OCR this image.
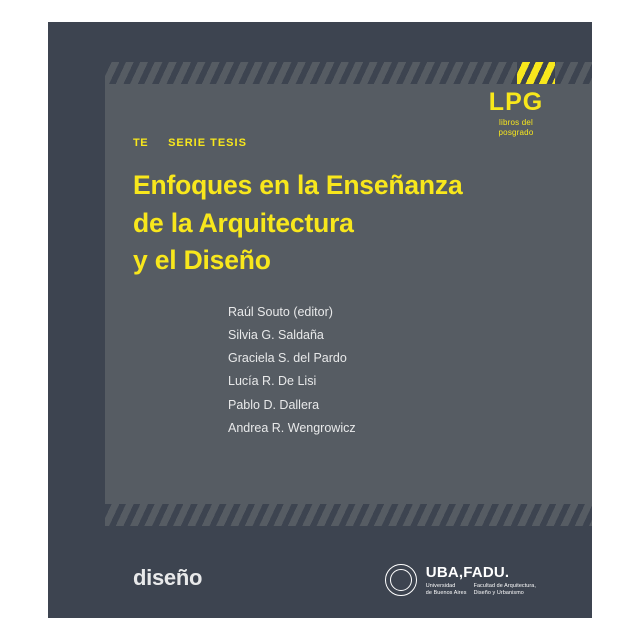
LPG
libros del
posgrado
TE SERIE TESIS
Enfoques en la Enseñanza
de la Arquitectura
y el Diseño
Raúl Souto (editor)
Silvia G. Saldaña
Graciela S. del Pardo
Lucía R. De Lisi
Pablo D. Dallera
Andrea R. Wengrowicz
diseño	UBA,FADU.
Universidad
de Buenos Aires
Facultad de Arquitectura,
Diseño y Urbanismo
